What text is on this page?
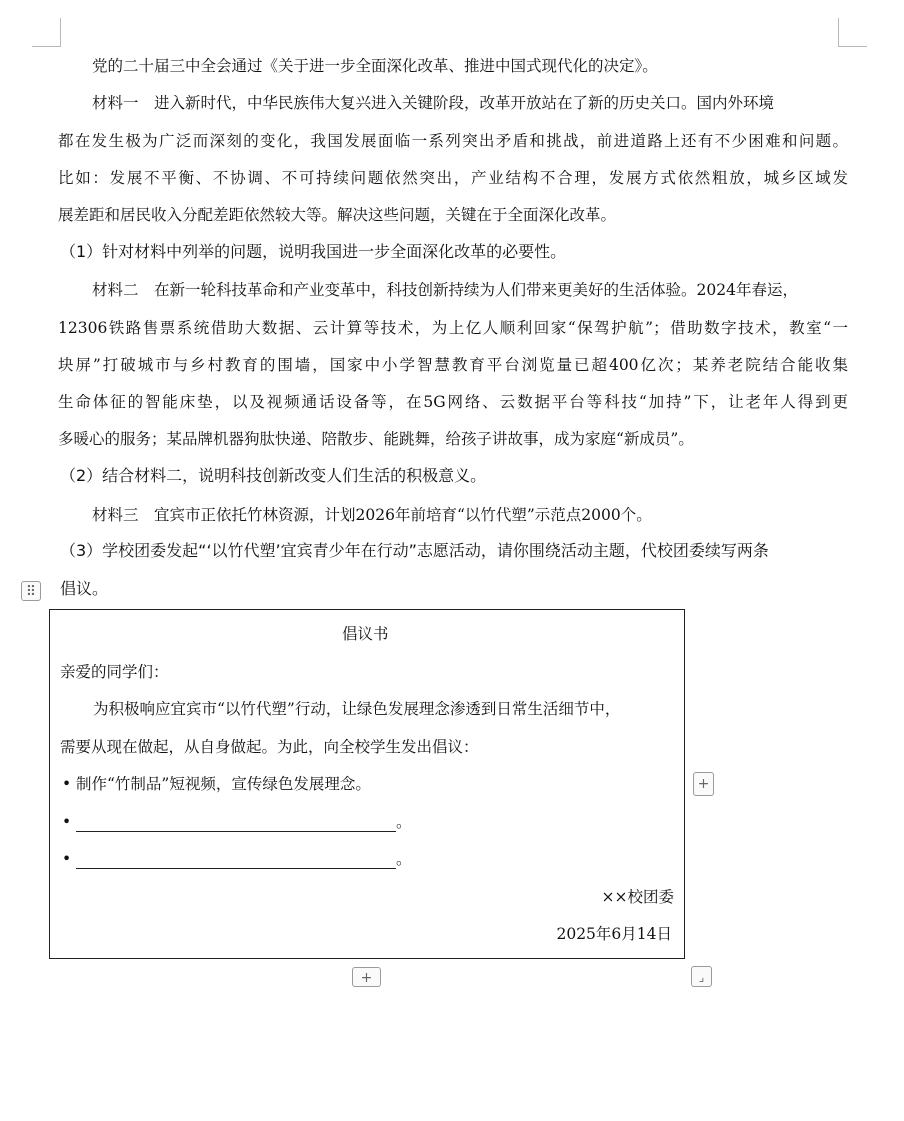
党的二十届三中全会通过《关于进一步全面深化改革、推进中国式现代化的决定》。
材料一　进入新时代，中华民族伟大复兴进入关键阶段，改革开放站在了新的历史关口。国内外环境
都在发生极为广泛而深刻的变化，我国发展面临一系列突出矛盾和挑战，前进道路上还有不少困难和问题。
比如：发展不平衡、不协调、不可持续问题依然突出，产业结构不合理，发展方式依然粗放，城乡区域发
展差距和居民收入分配差距依然较大等。解决这些问题，关键在于全面深化改革。
（1）针对材料中列举的问题，说明我国进一步全面深化改革的必要性。
材料二　在新一轮科技革命和产业变革中，科技创新持续为人们带来更美好的生活体验。2024年春运，
12306铁路售票系统借助大数据、云计算等技术，为上亿人顺利回家“保驾护航”；借助数字技术，教室“一
块屏”打破城市与乡村教育的围墙，国家中小学智慧教育平台浏览量已超400亿次；某养老院结合能收集
生命体征的智能床垫，以及视频通话设备等，在5G网络、云数据平台等科技“加持”下，让老年人得到更
多暖心的服务；某品牌机器狗肽快递、陪散步、能跳舞，给孩子讲故事，成为家庭“新成员”。
（2）结合材料二，说明科技创新改变人们生活的积极意义。
材料三　宜宾市正依托竹林资源，计划2026年前培育“以竹代塑”示范点2000个。
（3）学校团委发起“‘以竹代塑’宜宾青少年在行动”志愿活动，请你围绕活动主题，代校团委续写两条
倡议。
⠿
倡议书
亲爱的同学们：
为积极响应宜宾市“以竹代塑”行动，让绿色发展理念渗透到日常生活细节中，
需要从现在做起，从自身做起。为此，向全校学生发出倡议：
• 制作“竹制品”短视频，宣传绿色发展理念。
•	。
•	。
××校团委
2025年6月14日
+
+	⌟
